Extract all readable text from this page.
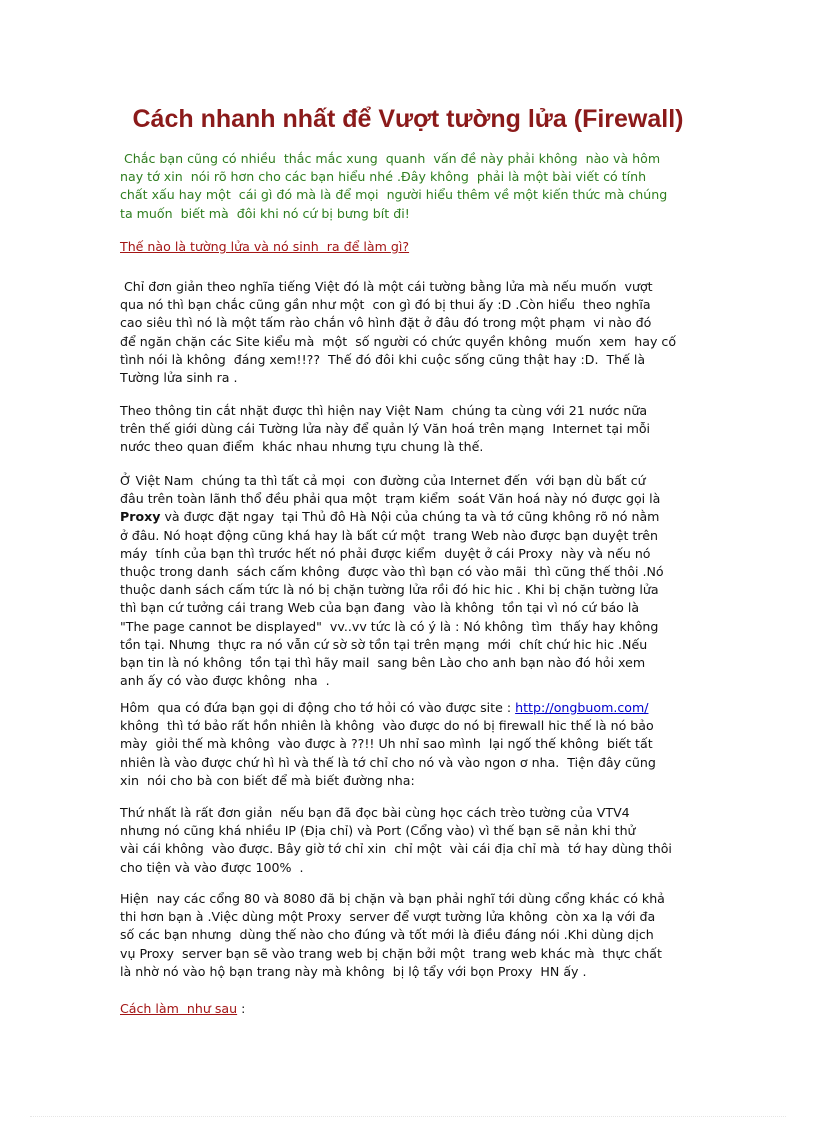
Cách nhanh nhất để Vượt tường lửa (Firewall)
Chắc bạn cũng có nhiều  thắc mắc xung  quanh  vấn đề này phải không  nào và hôm
nay tớ xin  nói rõ hơn cho các bạn hiểu nhé .Đây không  phải là một bài viết có tính
chất xấu hay một  cái gì đó mà là để mọi  người hiểu thêm về một kiến thức mà chúng
ta muốn  biết mà  đôi khi nó cứ bị bưng bít đi!
Thế nào là tường lửa và nó sinh  ra để làm gì?
Chỉ đơn giản theo nghĩa tiếng Việt đó là một cái tường bằng lửa mà nếu muốn  vượt
qua nó thì bạn chắc cũng gần như một  con gì đó bị thui ấy :D .Còn hiểu  theo nghĩa
cao siêu thì nó là một tấm rào chắn vô hình đặt ở đâu đó trong một phạm  vi nào đó
để ngăn chặn các Site kiểu mà  một  số người có chức quyền không  muốn  xem  hay cố
tình nói là không  đáng xem!!??  Thế đó đôi khi cuộc sống cũng thật hay :D.  Thế là
Tường lửa sinh ra .
Theo thông tin cắt nhặt được thì hiện nay Việt Nam  chúng ta cùng với 21 nước nữa
trên thế giới dùng cái Tường lửa này để quản lý Văn hoá trên mạng  Internet tại mỗi
nước theo quan điểm  khác nhau nhưng tựu chung là thế.
Ở Việt Nam  chúng ta thì tất cả mọi  con đường của Internet đến  với bạn dù bất cứ
đâu trên toàn lãnh thổ đều phải qua một  trạm kiểm  soát Văn hoá này nó được gọi là
Proxy và được đặt ngay  tại Thủ đô Hà Nội của chúng ta và tớ cũng không rõ nó nằm
ở đâu. Nó hoạt động cũng khá hay là bất cứ một  trang Web nào được bạn duyệt trên
máy  tính của bạn thì trước hết nó phải được kiểm  duyệt ở cái Proxy  này và nếu nó
thuộc trong danh  sách cấm không  được vào thì bạn có vào mãi  thì cũng thế thôi .Nó
thuộc danh sách cấm tức là nó bị chặn tường lửa rồi đó hic hic . Khi bị chặn tường lửa
thì bạn cứ tưởng cái trang Web của bạn đang  vào là không  tồn tại vì nó cứ báo là
"The page cannot be displayed"  vv..vv tức là có ý là : Nó không  tìm  thấy hay không
tồn tại. Nhưng  thực ra nó vẫn cứ sờ sờ tồn tại trên mạng  mới  chít chứ hic hic .Nếu
bạn tin là nó không  tồn tại thì hãy mail  sang bên Lào cho anh bạn nào đó hỏi xem
anh ấy có vào được không  nha  .
Hôm  qua có đứa bạn gọi di động cho tớ hỏi có vào được site : http://ongbuom.com/
không  thì tớ bảo rất hồn nhiên là không  vào được do nó bị firewall hic thế là nó bảo
mày  giỏi thế mà không  vào được à ??!! Uh nhỉ sao mình  lại ngố thế không  biết tất
nhiên là vào được chứ hì hì và thế là tớ chỉ cho nó và vào ngon ơ nha.  Tiện đây cũng
xin  nói cho bà con biết để mà biết đường nha:
Thứ nhất là rất đơn giản  nếu bạn đã đọc bài cùng học cách trèo tường của VTV4
nhưng nó cũng khá nhiều IP (Địa chỉ) và Port (Cổng vào) vì thế bạn sẽ nản khi thử
vài cái không  vào được. Bây giờ tớ chỉ xin  chỉ một  vài cái địa chỉ mà  tớ hay dùng thôi
cho tiện và vào được 100%  .
Hiện  nay các cổng 80 và 8080 đã bị chặn và bạn phải nghĩ tới dùng cổng khác có khả
thi hơn bạn à .Việc dùng một Proxy  server để vượt tường lửa không  còn xa lạ với đa
số các bạn nhưng  dùng thế nào cho đúng và tốt mới là điều đáng nói .Khi dùng dịch
vụ Proxy  server bạn sẽ vào trang web bị chặn bởi một  trang web khác mà  thực chất
là nhờ nó vào hộ bạn trang này mà không  bị lộ tẩy với bọn Proxy  HN ấy .
Cách làm  như sau :
